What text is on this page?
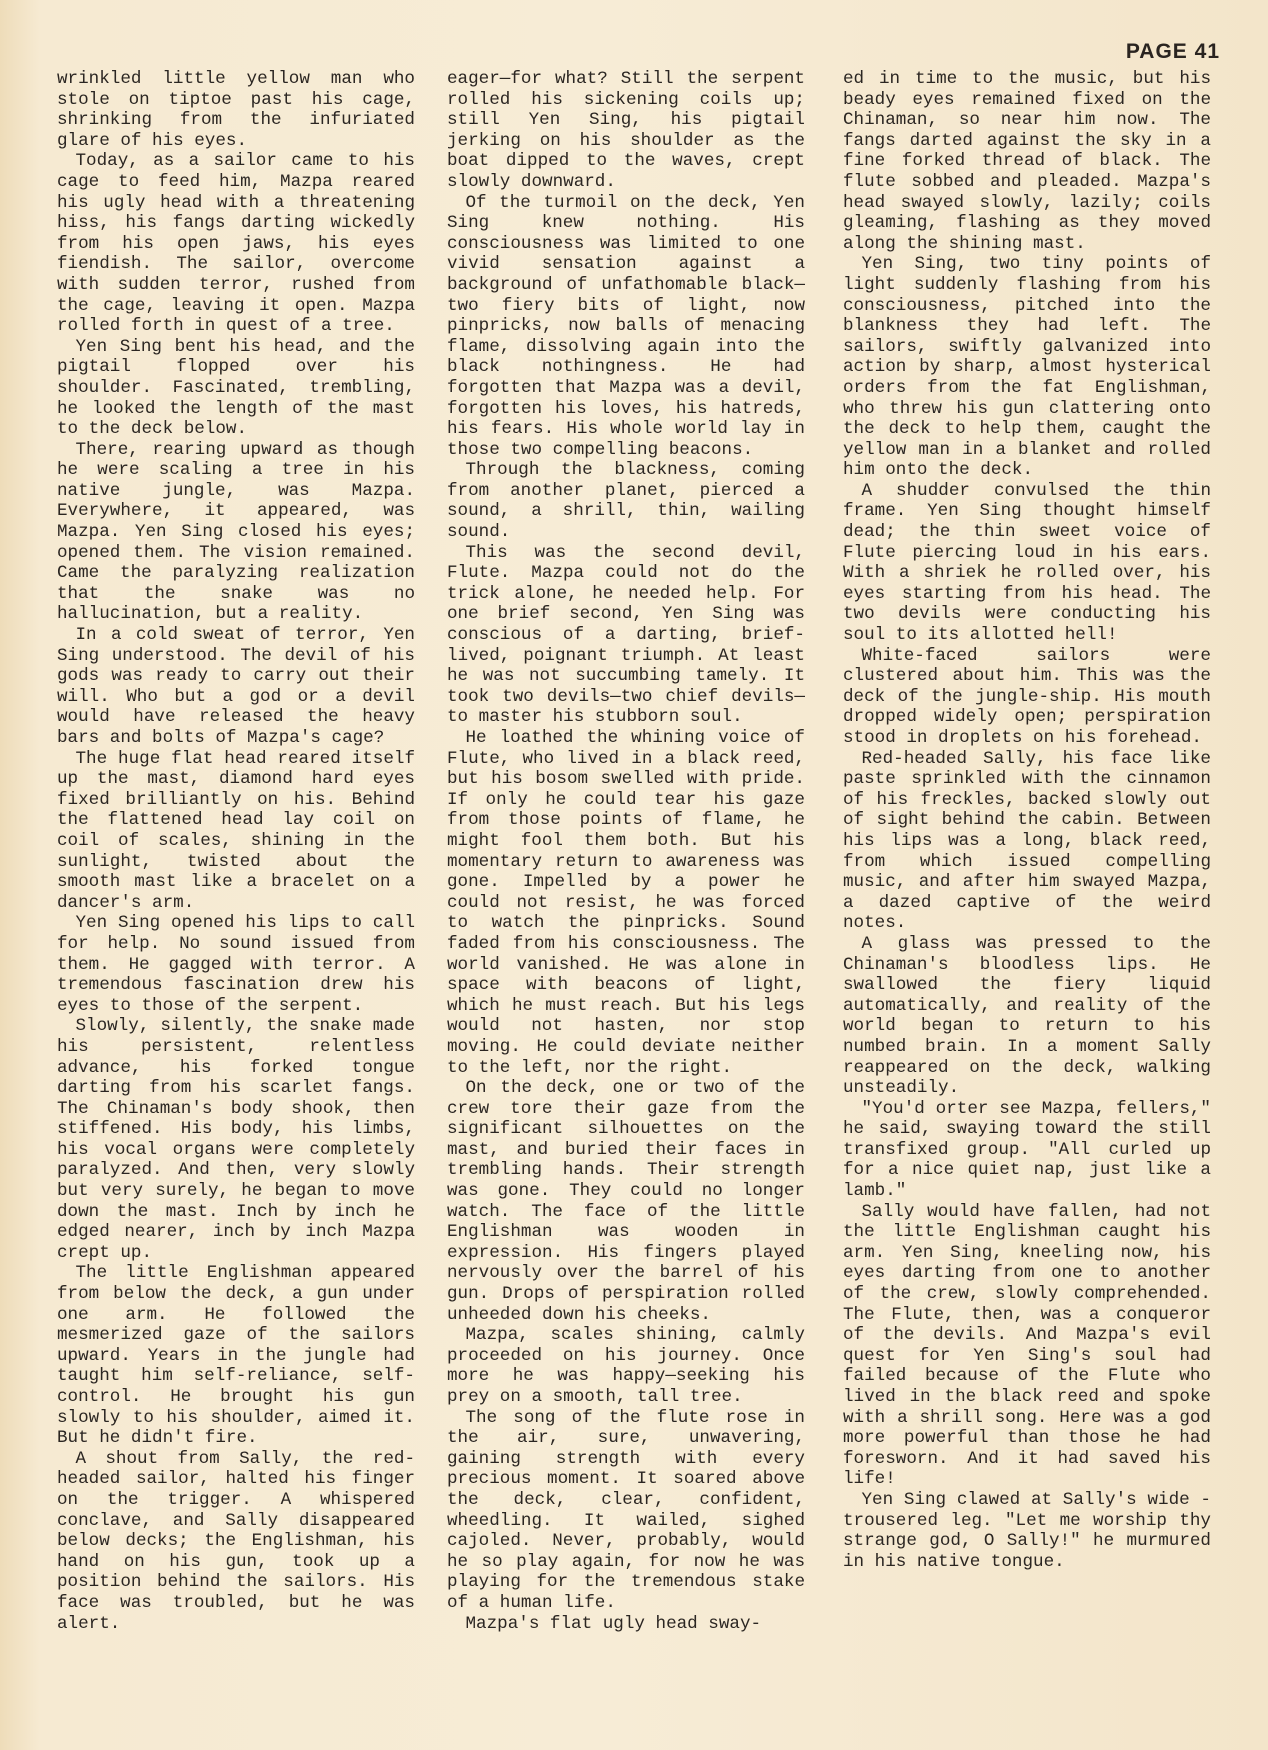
PAGE 41

wrinkled little yellow man who stole on tiptoe past his cage, shrinking from the infuriated glare of his eyes.

Today, as a sailor came to his cage to feed him, Mazpa reared his ugly head with a threatening hiss, his fangs darting wickedly from his open jaws, his eyes fiendish. The sailor, overcome with sudden terror, rushed from the cage, leaving it open. Mazpa rolled forth in quest of a tree.

Yen Sing bent his head, and the pigtail flopped over his shoulder. Fascinated, trembling, he looked the length of the mast to the deck below.

There, rearing upward as though he were scaling a tree in his native jungle, was Mazpa. Everywhere, it appeared, was Mazpa. Yen Sing closed his eyes; opened them. The vision remained. Came the paralyzing realization that the snake was no hallucination, but a reality.

In a cold sweat of terror, Yen Sing understood. The devil of his gods was ready to carry out their will. Who but a god or a devil would have released the heavy bars and bolts of Mazpa's cage?

The huge flat head reared itself up the mast, diamond hard eyes fixed brilliantly on his. Behind the flattened head lay coil on coil of scales, shining in the sunlight, twisted about the smooth mast like a bracelet on a dancer's arm.

Yen Sing opened his lips to call for help. No sound issued from them. He gagged with terror. A tremendous fascination drew his eyes to those of the serpent.

Slowly, silently, the snake made his persistent, relentless advance, his forked tongue darting from his scarlet fangs. The Chinaman's body shook, then stiffened. His body, his limbs, his vocal organs were completely paralyzed. And then, very slowly but very surely, he began to move down the mast. Inch by inch he edged nearer, inch by inch Mazpa crept up.

The little Englishman appeared from below the deck, a gun under one arm. He followed the mesmerized gaze of the sailors upward. Years in the jungle had taught him self-reliance, self-control. He brought his gun slowly to his shoulder, aimed it. But he didn't fire.

A shout from Sally, the red-headed sailor, halted his finger on the trigger. A whispered conclave, and Sally disappeared below decks; the Englishman, his hand on his gun, took up a position behind the sailors. His face was troubled, but he was alert.

eager—for what? Still the serpent rolled his sickening coils up; still Yen Sing, his pigtail jerking on his shoulder as the boat dipped to the waves, crept slowly downward.

Of the turmoil on the deck, Yen Sing knew nothing. His consciousness was limited to one vivid sensation against a background of unfathomable black—two fiery bits of light, now pinpricks, now balls of menacing flame, dissolving again into the black nothingness. He had forgotten that Mazpa was a devil, forgotten his loves, his hatreds, his fears. His whole world lay in those two compelling beacons.

Through the blackness, coming from another planet, pierced a sound, a shrill, thin, wailing sound.

This was the second devil, Flute. Mazpa could not do the trick alone, he needed help. For one brief second, Yen Sing was conscious of a darting, brief-lived, poignant triumph. At least he was not succumbing tamely. It took two devils—two chief devils—to master his stubborn soul.

He loathed the whining voice of Flute, who lived in a black reed, but his bosom swelled with pride. If only he could tear his gaze from those points of flame, he might fool them both. But his momentary return to awareness was gone. Impelled by a power he could not resist, he was forced to watch the pinpricks. Sound faded from his consciousness. The world vanished. He was alone in space with beacons of light, which he must reach. But his legs would not hasten, nor stop moving. He could deviate neither to the left, nor the right.

On the deck, one or two of the crew tore their gaze from the significant silhouettes on the mast, and buried their faces in trembling hands. Their strength was gone. They could no longer watch. The face of the little Englishman was wooden in expression. His fingers played nervously over the barrel of his gun. Drops of perspiration rolled unheeded down his cheeks.

Mazpa, scales shining, calmly proceeded on his journey. Once more he was happy—seeking his prey on a smooth, tall tree.

The song of the flute rose in the air, sure, unwavering, gaining strength with every precious moment. It soared above the deck, clear, confident, wheedling. It wailed, sighed cajoled. Never, probably, would he so play again, for now he was playing for the tremendous stake of a human life.

Mazpa's flat ugly head sway-

ed in time to the music, but his beady eyes remained fixed on the Chinaman, so near him now. The fangs darted against the sky in a fine forked thread of black. The flute sobbed and pleaded. Mazpa's head swayed slowly, lazily; coils gleaming, flashing as they moved along the shining mast.

Yen Sing, two tiny points of light suddenly flashing from his consciousness, pitched into the blankness they had left. The sailors, swiftly galvanized into action by sharp, almost hysterical orders from the fat Englishman, who threw his gun clattering onto the deck to help them, caught the yellow man in a blanket and rolled him onto the deck.

A shudder convulsed the thin frame. Yen Sing thought himself dead; the thin sweet voice of Flute piercing loud in his ears. With a shriek he rolled over, his eyes starting from his head. The two devils were conducting his soul to its allotted hell!

White-faced sailors were clustered about him. This was the deck of the jungle-ship. His mouth dropped widely open; perspiration stood in droplets on his forehead.

Red-headed Sally, his face like paste sprinkled with the cinnamon of his freckles, backed slowly out of sight behind the cabin. Between his lips was a long, black reed, from which issued compelling music, and after him swayed Mazpa, a dazed captive of the weird notes.

A glass was pressed to the Chinaman's bloodless lips. He swallowed the fiery liquid automatically, and reality of the world began to return to his numbed brain. In a moment Sally reappeared on the deck, walking unsteadily.

"You'd orter see Mazpa, fellers," he said, swaying toward the still transfixed group. "All curled up for a nice quiet nap, just like a lamb."

Sally would have fallen, had not the little Englishman caught his arm. Yen Sing, kneeling now, his eyes darting from one to another of the crew, slowly comprehended. The Flute, then, was a conqueror of the devils. And Mazpa's evil quest for Yen Sing's soul had failed because of the Flute who lived in the black reed and spoke with a shrill song. Here was a god more powerful than those he had foresworn. And it had saved his life!

Yen Sing clawed at Sally's wide - trousered leg. "Let me worship thy strange god, O Sally!" he murmured in his native tongue.
